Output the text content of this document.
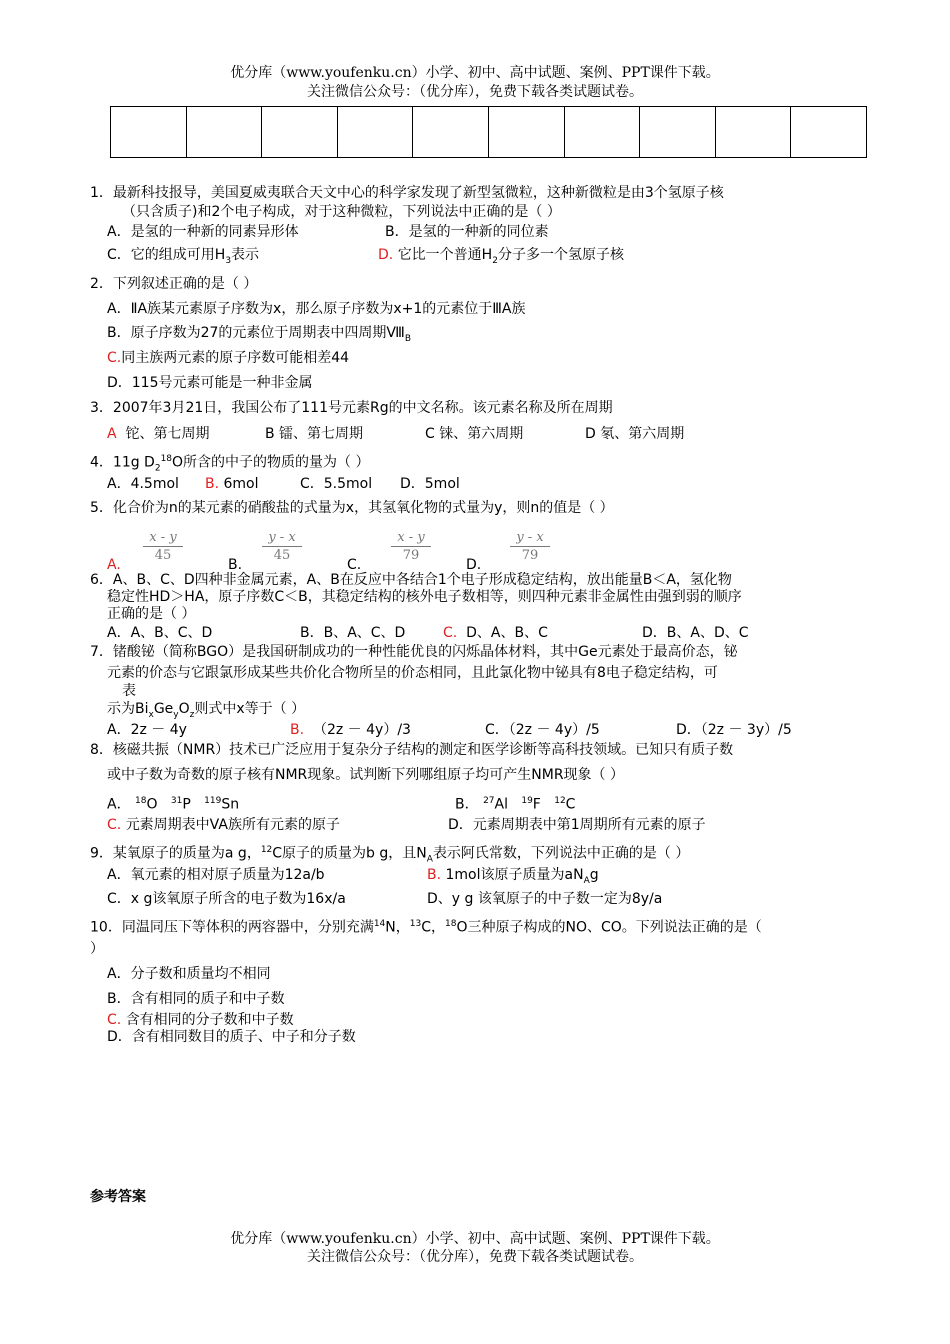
优分库（www.youfenku.cn）小学、初中、高中试题、案例、PPT课件下载。
关注微信公众号：（优分库），免费下载各类试题试卷。

1．最新科技报导，美国夏威夷联合天文中心的科学家发现了新型氢微粒，这种新微粒是由3个氢原子核
（只含质子)和2个电子构成，对于这种微粒，下列说法中正确的是（ ）
A．是氢的一种新的同素异形体	B．是氢的一种新的同位素
C．它的组成可用$H_3$表示	D. 它比一个普通$H_2$分子多一个氢原子核
2．下列叙述正确的是（ ）
A．ⅡA族某元素原子序数为x，那么原子序数为x+1的元素位于ⅢA族
B．原子序数为27的元素位于周期表中四周期$Ⅷ_B$
C.同主族两元素的原子序数可能相差44
D．115号元素可能是一种非金属
3．2007年3月21日，我国公布了111号元素Rg的中文名称。该元素名称及所在周期
A 铊、第七周期	B 镭、第七周期	C 铼、第六周期	D 氡、第六周期
4．11g $D_2^{18}O$所含的中子的物质的量为（ ）
A．4.5mol B. 6mol	C．5.5mol D．5mol
5．化合价为n的某元素的硝酸盐的式量为x，其氢氧化物的式量为y，则n的值是（ ）
A.
$\frac{x - y}{45}$
B.
$\frac{y - x}{45}$
C.
$\frac{x - y}{79}$
D.
$\frac{y - x}{79}$
6．A、B、C、D四种非金属元素，A、B在反应中各结合1个电子形成稳定结构，放出能量B＜A，氢化物
稳定性HD＞HA，原子序数C＜B，其稳定结构的核外电子数相等，则四种元素非金属性由强到弱的顺序
正确的是（ ）
A．A、B、C、D	B．B、A、C、D	C. D、A、B、C	D．B、A、D、C
7．锗酸铋（简称BGO）是我国研制成功的一种性能优良的闪烁晶体材料，其中Ge元素处于最高价态，铋
元素的价态与它跟氯形成某些共价化合物所呈的价态相同，且此氯化物中铋具有8电子稳定结构，可
表
示为$Bi_xGe_yO_z$则式中x等于（ ）
A．2z － 4y	B. （2z － 4y）/3	C．（2z － 4y）/5	D．（2z － 3y）/5
8．核磁共振（NMR）技术已广泛应用于复杂分子结构的测定和医学诊断等高科技领域。已知只有质子数
或中子数为奇数的原子核有NMR现象。试判断下列哪组原子均可产生NMR现象（ ）
A． $^{18}$O $^{31}$P $^{119}$Sn	B． $^{27}$Al $^{19}$F $^{12}$C
C. 元素周期表中VA族所有元素的原子	D．元素周期表中第1周期所有元素的原子
9．某氧原子的质量为a g，$^{12}$C原子的质量为b g，且$N_A$表示阿氏常数，下列说法中正确的是（ ）
A．氧元素的相对原子质量为12a/b	B. 1mol该原子质量为$aN_Ag$
C．x g该氧原子所含的电子数为16x/a	D、y g 该氧原子的中子数一定为8y/a
10．同温同压下等体积的两容器中，分别充满$^{14}$N，$^{13}$C，$^{18}$O三种原子构成的NO、CO。下列说法正确的是（
）
A．分子数和质量均不相同
B．含有相同的质子和中子数
C. 含有相同的分子数和中子数
D．含有相同数目的质子、中子和分子数
参考答案
优分库（www.youfenku.cn）小学、初中、高中试题、案例、PPT课件下载。
关注微信公众号：（优分库），免费下载各类试题试卷。
